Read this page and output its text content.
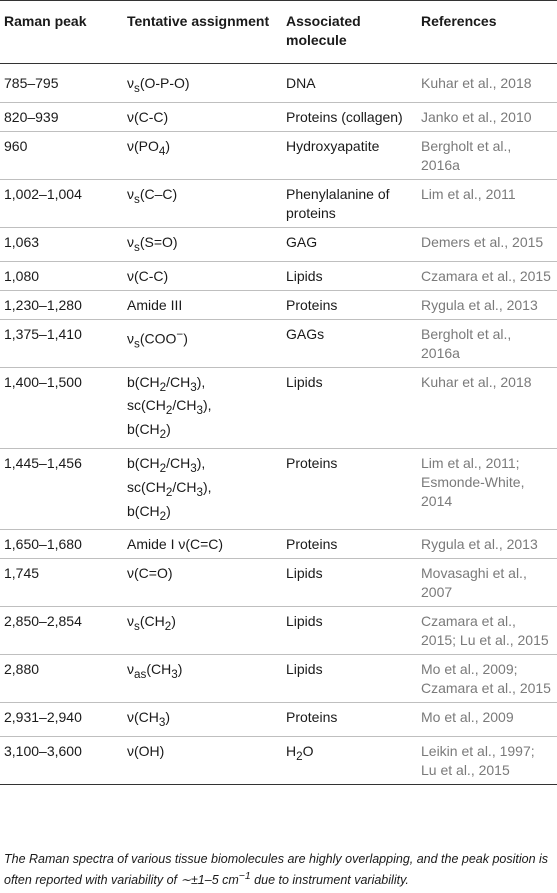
Raman peak	Tentative assignment	Associated molecule	References
785–795	$\nu_s(O-P-O)$	DNA	Kuhar et al., 2018
820–939	ν(C-C)	Proteins (collagen)	Janko et al., 2010
960	$\nu(PO_4)$	Hydroxyapatite	Bergholt et al., 2016a
1,002–1,004	$\nu_s(C-C)$	Phenylalanine of proteins	Lim et al., 2011
1,063	$\nu_s(S=O)$	GAG	Demers et al., 2015
1,080	ν(C-C)	Lipids	Czamara et al., 2015
1,230–1,280	Amide III	Proteins	Rygula et al., 2013
1,375–1,410	$\nu_s(COO^-)$	GAGs	Bergholt et al., 2016a
1,400–1,500	$b(CH_2/CH_3)$,
$sc(CH_2/CH_3)$,
$b(CH_2)$	Lipids	Kuhar et al., 2018
1,445–1,456	$b(CH_2/CH_3)$,
$sc(CH_2/CH_3)$,
$b(CH_2)$	Proteins	Lim et al., 2011; Esmonde-White, 2014
1,650–1,680	Amide I ν(C=C)	Proteins	Rygula et al., 2013
1,745	ν(C=O)	Lipids	Movasaghi et al., 2007
2,850–2,854	$\nu_s(CH_2)$	Lipids	Czamara et al., 2015; Lu et al., 2015
2,880	$\nu_{as}(CH_3)$	Lipids	Mo et al., 2009; Czamara et al., 2015
2,931–2,940	$\nu(CH_3)$	Proteins	Mo et al., 2009
3,100–3,600	ν(OH)	$H_2O$	Leikin et al., 1997; Lu et al., 2015
The Raman spectra of various tissue biomolecules are highly overlapping, and the peak position is often reported with variability of ∼±1–5 $cm^{-1}$ due to instrument variability.
